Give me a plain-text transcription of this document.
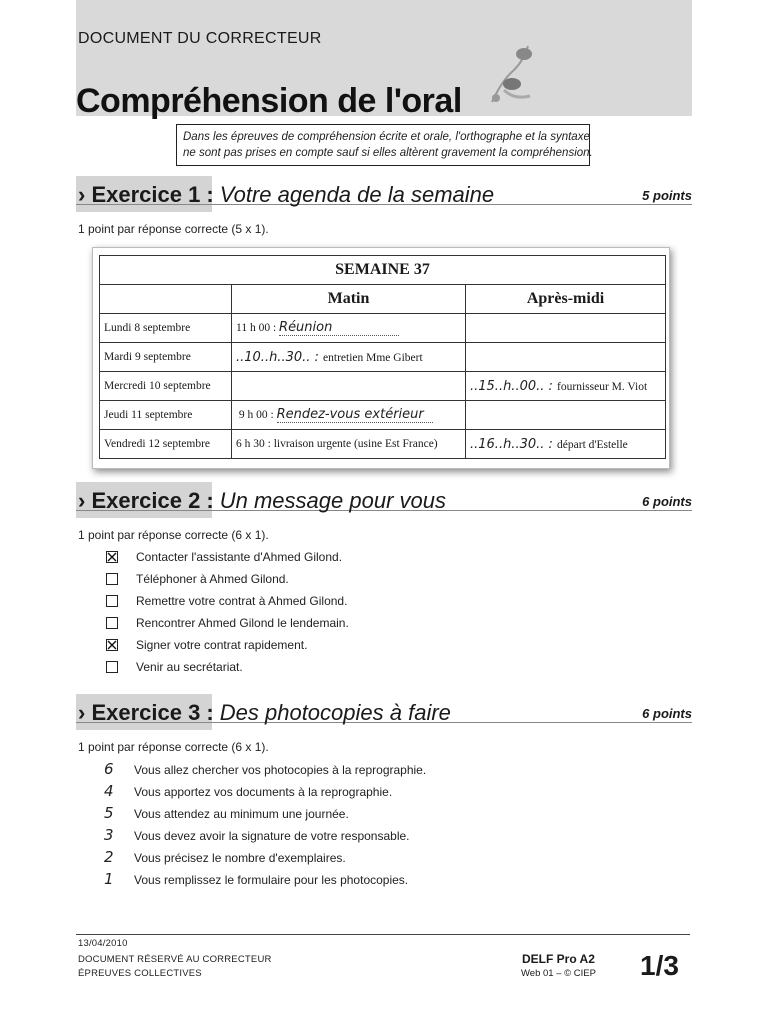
DOCUMENT DU CORRECTEUR
Compréhension de l'oral
Dans les épreuves de compréhension écrite et orale, l'orthographe et la syntaxe
ne sont pas prises en compte sauf si elles altèrent gravement la compréhension.
› Exercice 1 : Votre agenda de la semaine	5 points
1 point par réponse correcte (5 x 1).
SEMAINE 37		
	Matin	Après-midi
Lundi 8 septembre	11 h 00 : Réunion	
Mardi 9 septembre	..10..h..30.. : entretien Mme Gibert	
Mercredi 10 septembre		..15..h..00.. : fournisseur M. Viot
Jeudi 11 septembre	9 h 00 : Rendez-vous extérieur	
Vendredi 12 septembre	6 h 30 : livraison urgente (usine Est France)	..16..h..30.. : départ d'Estelle
› Exercice 2 : Un message pour vous	6 points
1 point par réponse correcte (6 x 1).
Contacter l'assistante d'Ahmed Gilond.
Téléphoner à Ahmed Gilond.
Remettre votre contrat à Ahmed Gilond.
Rencontrer Ahmed Gilond le lendemain.
Signer votre contrat rapidement.
Venir au secrétariat.
› Exercice 3 : Des photocopies à faire	6 points
1 point par réponse correcte (6 x 1).
6 Vous allez chercher vos photocopies à la reprographie.
4 Vous apportez vos documents à la reprographie.
5 Vous attendez au minimum une journée.
3 Vous devez avoir la signature de votre responsable.
2 Vous précisez le nombre d'exemplaires.
1 Vous remplissez le formulaire pour les photocopies.
13/04/2010
DOCUMENT RÉSERVÉ AU CORRECTEUR
ÉPREUVES COLLECTIVES
DELF Pro A2
Web 01 – © CIEP 1/3
